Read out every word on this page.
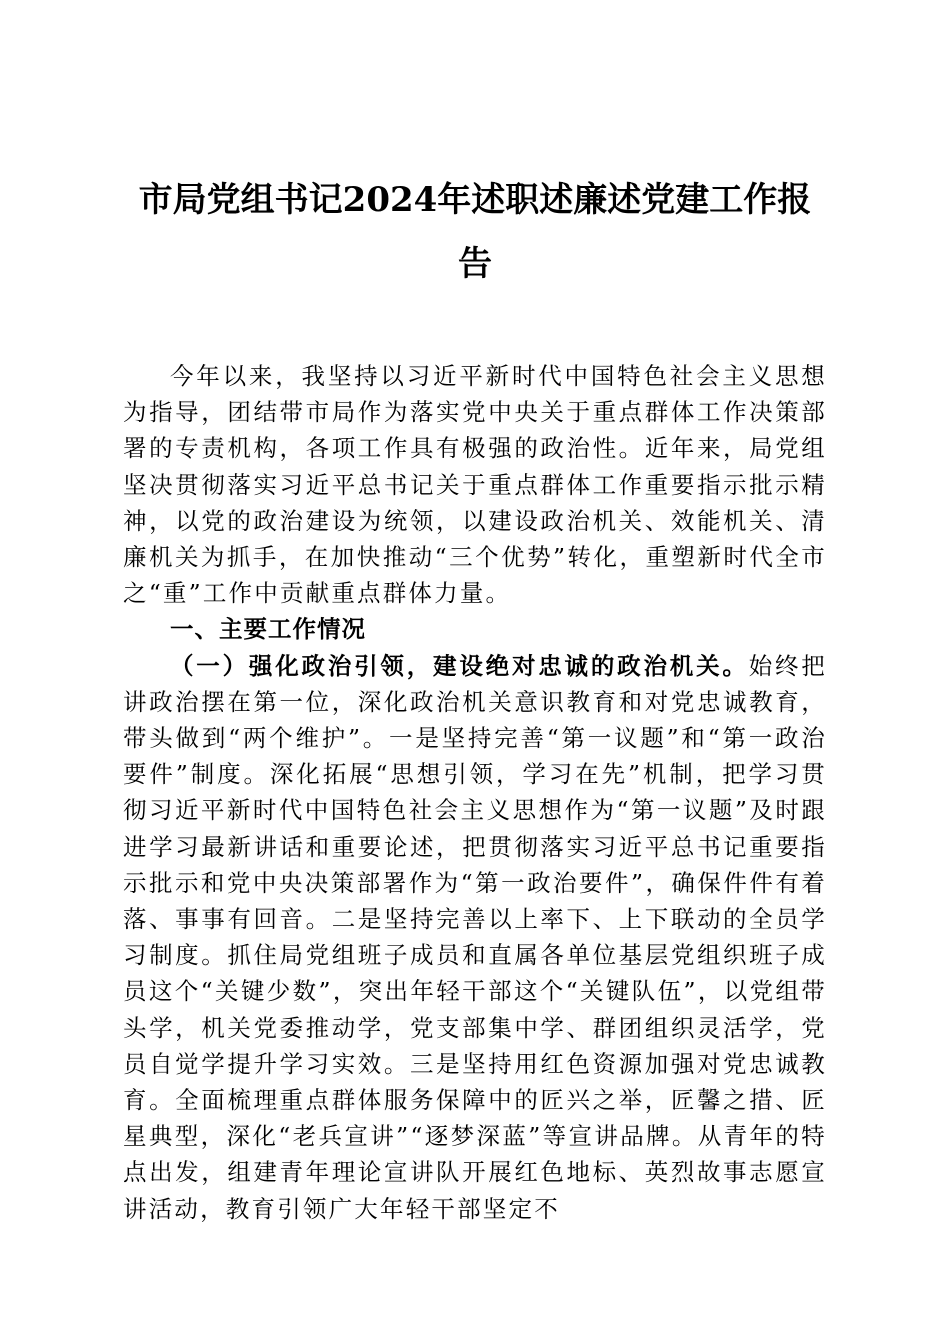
市局党组书记2024年述职述廉述党建工作报
告

今年以来，我坚持以习近平新时代中国特色社会主义思想为指导，团结带市局作为落实党中央关于重点群体工作决策部署的专责机构，各项工作具有极强的政治性。近年来，局党组坚决贯彻落实习近平总书记关于重点群体工作重要指示批示精神，以党的政治建设为统领，以建设政治机关、效能机关、清廉机关为抓手，在加快推动“三个优势”转化，重塑新时代全市之“重”工作中贡献重点群体力量。

一、主要工作情况

（一）强化政治引领，建设绝对忠诚的政治机关。始终把讲政治摆在第一位，深化政治机关意识教育和对党忠诚教育，带头做到“两个维护”。一是坚持完善“第一议题”和“第一政治要件”制度。深化拓展“思想引领，学习在先”机制，把学习贯彻习近平新时代中国特色社会主义思想作为“第一议题”及时跟进学习最新讲话和重要论述，把贯彻落实习近平总书记重要指示批示和党中央决策部署作为“第一政治要件”，确保件件有着落、事事有回音。二是坚持完善以上率下、上下联动的全员学习制度。抓住局党组班子成员和直属各单位基层党组织班子成员这个“关键少数”，突出年轻干部这个“关键队伍”，以党组带头学，机关党委推动学，党支部集中学、群团组织灵活学，党员自觉学提升学习实效。三是坚持用红色资源加强对党忠诚教育。全面梳理重点群体服务保障中的匠兴之举，匠馨之措、匠星典型，深化“老兵宣讲”“逐梦深蓝”等宣讲品牌。从青年的特点出发，组建青年理论宣讲队开展红色地标、英烈故事志愿宣讲活动，教育引领广大年轻干部坚定不
